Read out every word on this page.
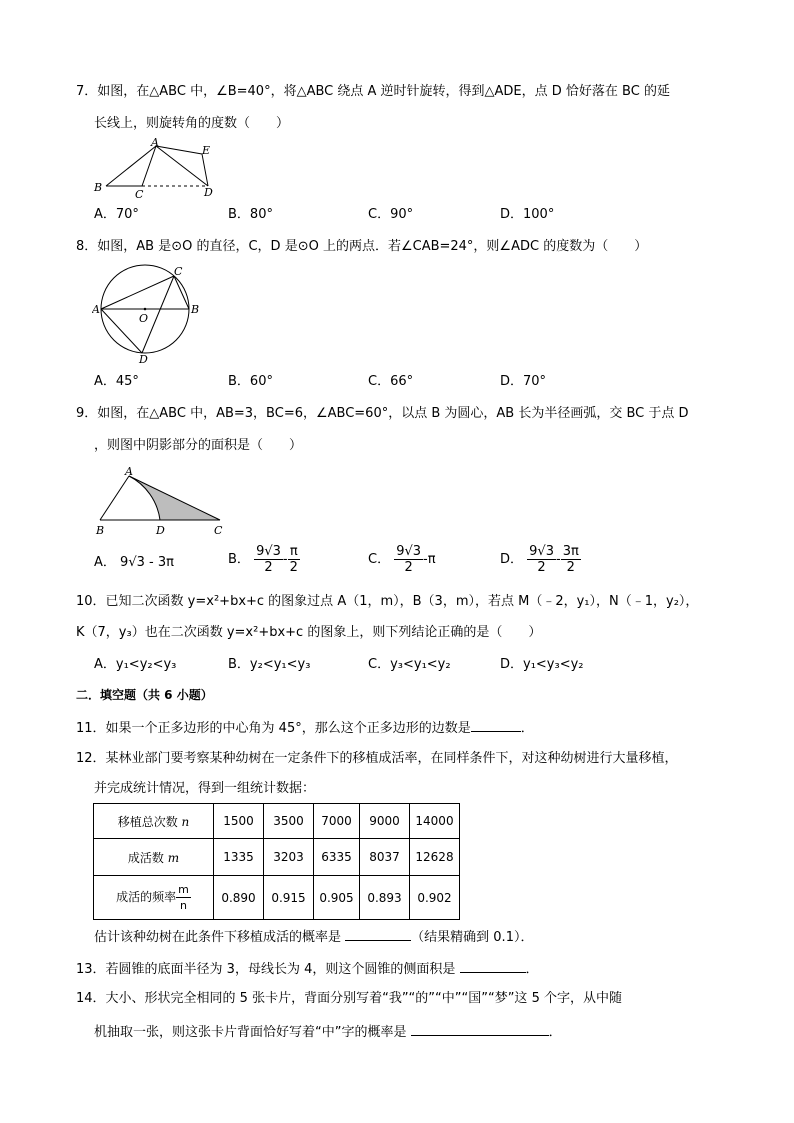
7．如图，在△ABC 中，∠B=40°，将△ABC 绕点 A 逆时针旋转，得到△ADE，点 D 恰好落在 BC 的延
长线上，则旋转角的度数（　　）
A
B
C	D
E
A．70°	B．80°	C．90°	D．100°
8．如图，AB 是⊙O 的直径，C，D 是⊙O 上的两点．若∠CAB=24°，则∠ADC 的度数为（　　）
A	B
C
D
O
A．45°	B．60°	C．66°	D．70°
9．如图，在△ABC 中，AB=3，BC=6，∠ABC=60°，以点 B 为圆心，AB 长为半径画弧，交 BC 于点 D
，则图中阴影部分的面积是（　　）
A
B	D	C
A． 9√3 - 3π	B． $\frac{9√3}{2} - \frac{\pi}{2}$	C． $\frac{9√3}{2} -\pi$	D． $\frac{9√3}{2} - \frac{3\pi}{2}$
10．已知二次函数 y=x²+bx+c 的图象过点 A（1，m），B（3，m），若点 M（﹣2，y₁），N（﹣1，y₂），
K（7，y₃）也在二次函数 y=x²+bx+c 的图象上，则下列结论正确的是（　　）
A．y₁<y₂<y₃	B．y₂<y₁<y₃	C．y₃<y₁<y₂	D．y₁<y₃<y₂
二．填空题（共 6 小题）
11．如果一个正多边形的中心角为 45°，那么这个正多边形的边数是	．
12．某林业部门要考察某种幼树在一定条件下的移植成活率，在同样条件下，对这种幼树进行大量移植，
并完成统计情况，得到一组统计数据：
移植总次数 n	1500	3500	7000	9000	14000
成活数 m	1335	3203	6335	8037	12628
成活的频率 $\frac{m}{n}$	0.890	0.915	0.905	0.893	0.902
估计该种幼树在此条件下移植成活的概率是	（结果精确到 0.1）．
13．若圆锥的底面半径为 3，母线长为 4，则这个圆锥的侧面积是	．
14．大小、形状完全相同的 5 张卡片，背面分别写着“我”“的”“中”“国”“梦”这 5 个字，从中随
机抽取一张，则这张卡片背面恰好写着“中”字的概率是	．
